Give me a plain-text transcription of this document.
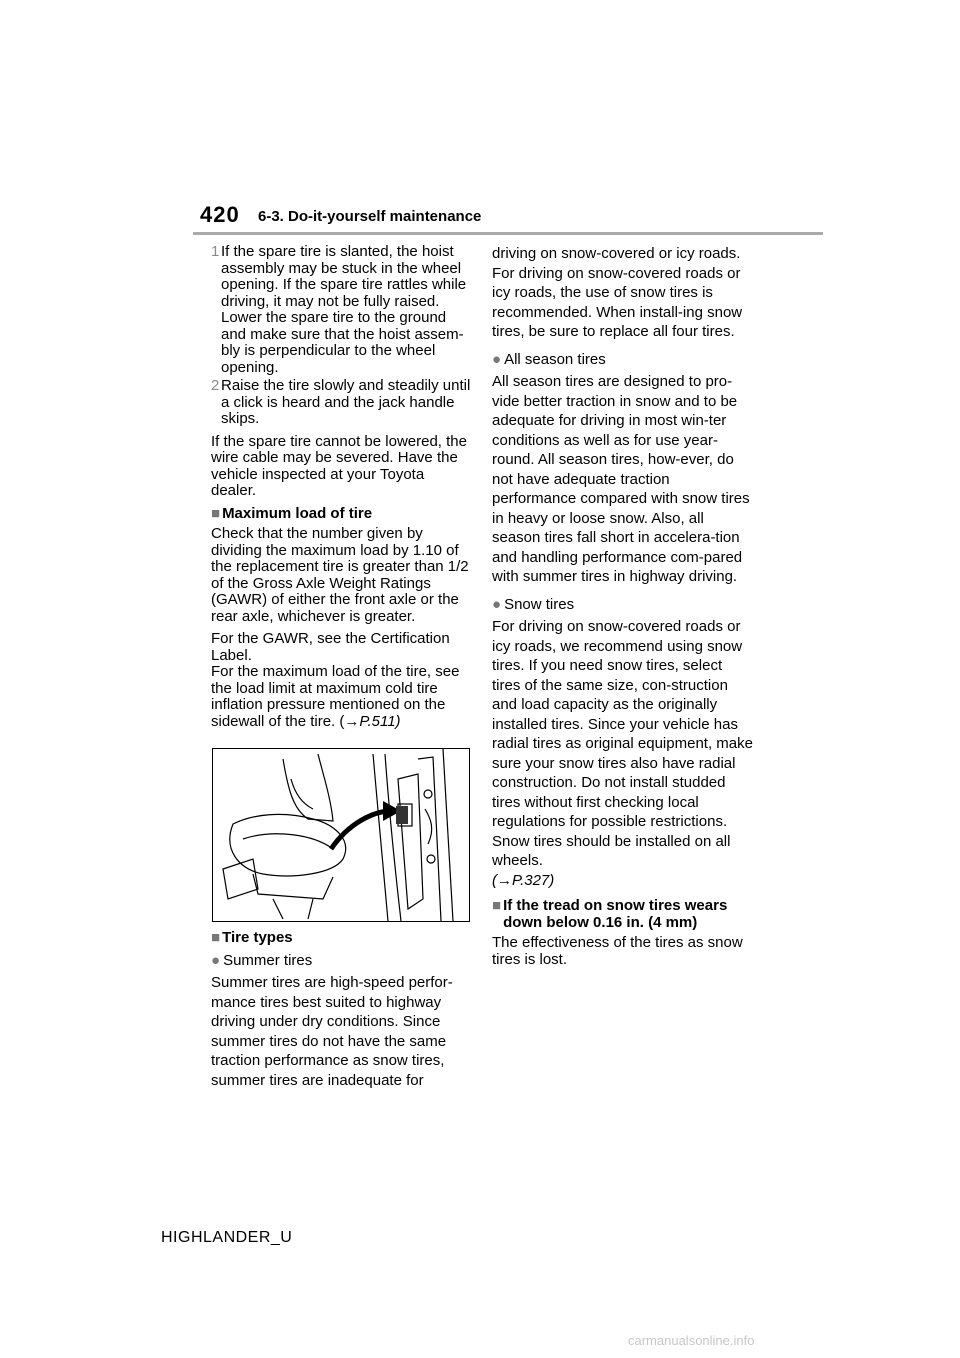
420 6-3. Do-it-yourself maintenance
1 If the spare tire is slanted, the hoist assembly may be stuck in the wheel opening. If the spare tire rattles while driving, it may not be fully raised. Lower the spare tire to the ground and make sure that the hoist assem-bly is perpendicular to the wheel opening.
2 Raise the tire slowly and steadily until a click is heard and the jack handle skips.

If the spare tire cannot be lowered, the wire cable may be severed. Have the vehicle inspected at your Toyota dealer.

■ Maximum load of tire

Check that the number given by dividing the maximum load by 1.10 of the replacement tire is greater than 1/2 of the Gross Axle Weight Ratings (GAWR) of either the front axle or the rear axle, whichever is greater.

For the GAWR, see the Certification Label.
For the maximum load of the tire, see the load limit at maximum cold tire inflation pressure mentioned on the sidewall of the tire. (→P.511)

■ Tire types
● Summer tires

Summer tires are high-speed perfor-mance tires best suited to highway driving under dry conditions. Since summer tires do not have the same traction performance as snow tires, summer tires are inadequate for

driving on snow-covered or icy roads. For driving on snow-covered roads or icy roads, the use of snow tires is recommended. When install-ing snow tires, be sure to replace all four tires.

● All season tires

All season tires are designed to pro-vide better traction in snow and to be adequate for driving in most win-ter conditions as well as for use year-round. All season tires, how-ever, do not have adequate traction performance compared with snow tires in heavy or loose snow. Also, all season tires fall short in accelera-tion and handling performance com-pared with summer tires in highway driving.

● Snow tires

For driving on snow-covered roads or icy roads, we recommend using snow tires. If you need snow tires, select tires of the same size, con-struction and load capacity as the originally installed tires. Since your vehicle has radial tires as original equipment, make sure your snow tires also have radial construction. Do not install studded tires without first checking local regulations for possible restrictions. Snow tires should be installed on all wheels.
(→P.327)

■ If the tread on snow tires wears down below 0.16 in. (4 mm)

The effectiveness of the tires as snow tires is lost.

HIGHLANDER_U
carmanualsonline.info
